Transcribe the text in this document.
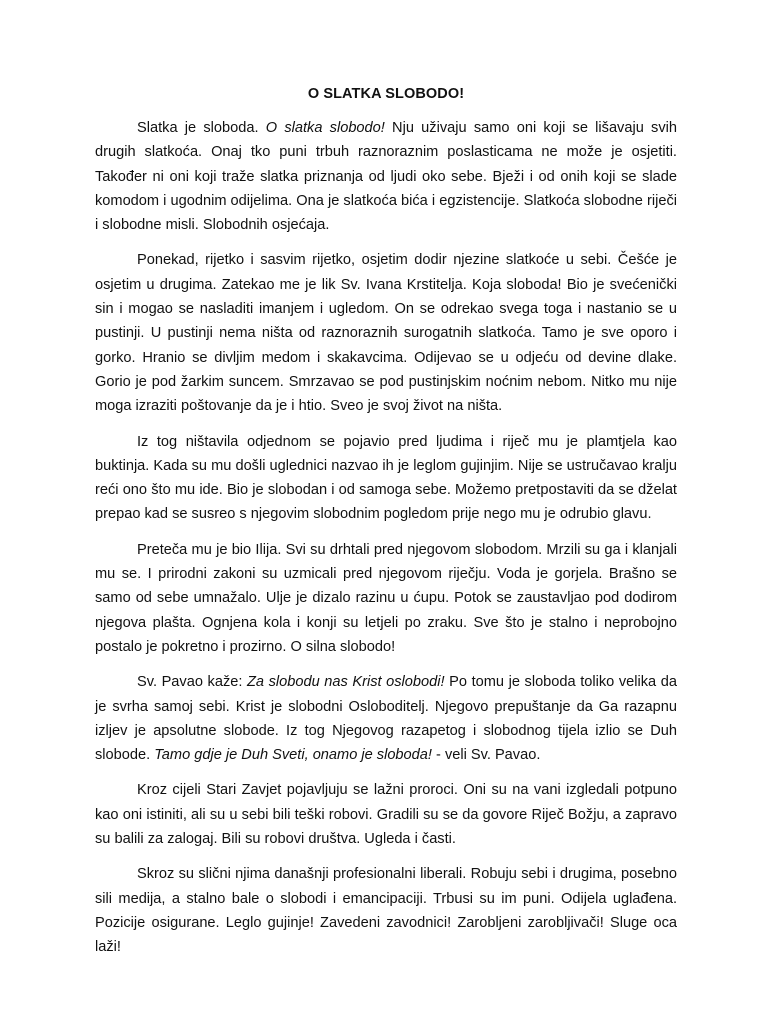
O SLATKA SLOBODO!

Slatka je sloboda. O slatka slobodo! Nju uživaju samo oni koji se lišavaju svih drugih slatkoća. Onaj tko puni trbuh raznoraznim poslasticama ne može je osjetiti. Također ni oni koji traže slatka priznanja od ljudi oko sebe. Bježi i od onih koji se slade komodom i ugodnim odijelima. Ona je slatkoća bića i egzistencije. Slatkoća slobodne riječi i slobodne misli. Slobodnih osjećaja.

Ponekad, rijetko i sasvim rijetko, osjetim dodir njezine slatkoće u sebi. Češće je osjetim u drugima. Zatekao me je lik Sv. Ivana Krstitelja. Koja sloboda! Bio je svećenički sin i mogao se nasladiti imanjem i ugledom. On se odrekao svega toga i nastanio se u pustinji. U pustinji nema ništa od raznoraznih surogatnih slatkoća. Tamo je sve oporo i gorko. Hranio se divljim medom i skakavcima. Odijevao se u odjeću od devine dlake. Gorio je pod žarkim suncem. Smrzavao se pod pustinjskim noćnim nebom. Nitko mu nije moga izraziti poštovanje da je i htio. Sveo je svoj život na ništa.

Iz tog ništavila odjednom se pojavio pred ljudima i riječ mu je plamtjela kao buktinja. Kada su mu došli uglednici nazvao ih je leglom gujinjim. Nije se ustručavao kralju reći ono što mu ide. Bio je slobodan i od samoga sebe. Možemo pretpostaviti da se dželat prepao kad se susreo s njegovim slobodnim pogledom prije nego mu je odrubio glavu.

Preteča mu je bio Ilija. Svi su drhtali pred njegovom slobodom. Mrzili su ga i klanjali mu se. I prirodni zakoni su uzmicali pred njegovom riječju. Voda je gorjela. Brašno se samo od sebe umnažalo. Ulje je dizalo razinu u ćupu. Potok se zaustavljao pod dodirom njegova plašta. Ognjena kola i konji su letjeli po zraku. Sve što je stalno i neprobojno postalo je pokretno i prozirno. O silna slobodo!

Sv. Pavao kaže: Za slobodu nas Krist oslobodi! Po tomu je sloboda toliko velika da je svrha samoj sebi. Krist je slobodni Osloboditelj. Njegovo prepuštanje da Ga razapnu izljev je apsolutne slobode. Iz tog Njegovog razapetog i slobodnog tijela izlio se Duh slobode. Tamo gdje je Duh Sveti, onamo je sloboda! - veli Sv. Pavao.

Kroz cijeli Stari Zavjet pojavljuju se lažni proroci. Oni su na vani izgledali potpuno kao oni istiniti, ali su u sebi bili teški robovi. Gradili su se da govore Riječ Božju, a zapravo su balili za zalogaj. Bili su robovi društva. Ugleda i časti.

Skroz su slični njima današnji profesionalni liberali. Robuju sebi i drugima, posebno sili medija, a stalno bale o slobodi i emancipaciji. Trbusi su im puni. Odijela uglađena. Pozicije osigurane. Leglo gujinje! Zavedeni zavodnici! Zarobljeni zarobljivači! Sluge oca laži!
